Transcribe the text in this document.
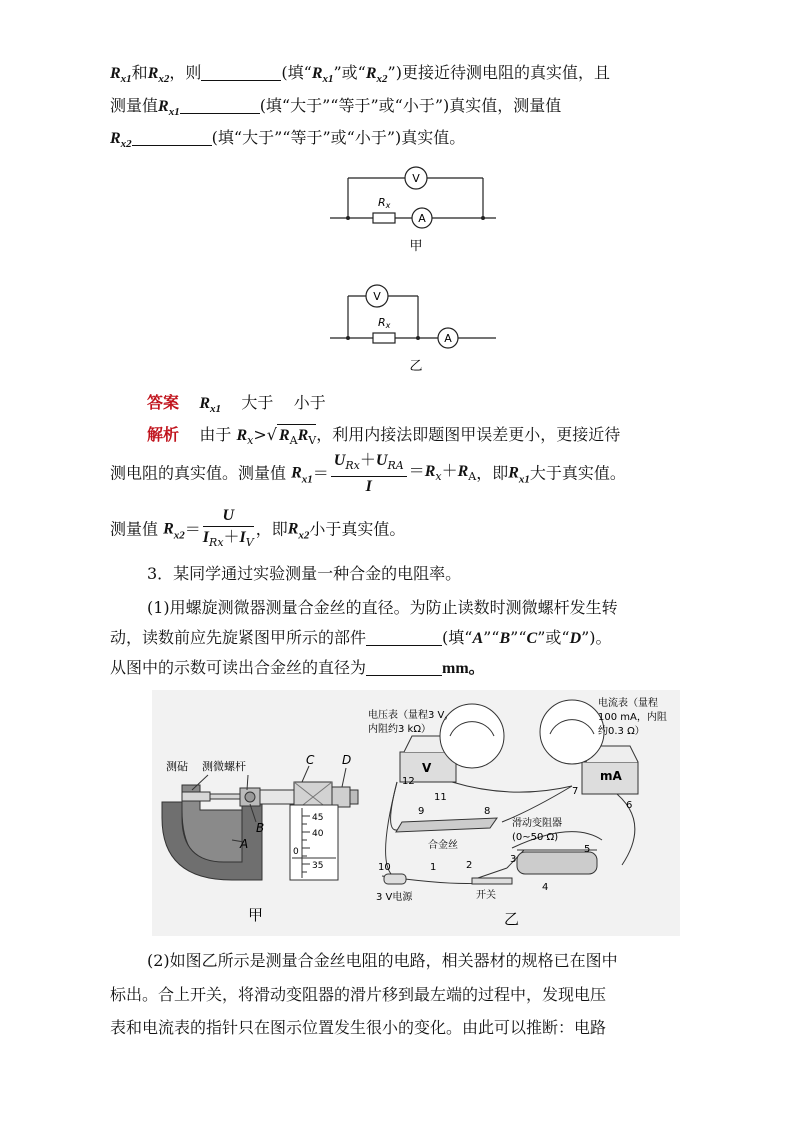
$R_{x1}$和$R_{x2}$，则	(填“$R_{x1}$”或“$R_{x2}$”)更接近待测电阻的真实值，且
测量值$R_{x1}$	(填“大于”“等于”或“小于”)真实值，测量值
$R_{x2}$	(填“大于”“等于”或“小于”)真实值。
V
A
Rx
甲
V
A
Rx
乙
答案 $R_{x1}$ 大于 小于
解析 由于 $R_x>√$ $R_AR_V$，利用内接法即题图甲误差更小，更接近待
测电阻的真实值。测量值 $R_{x1}= \frac{U_{Rx}+U_{RA}}{I} =R_x+R_A$，即$R_{x1}$大于真实值。
测量值 $R_{x2}= \frac{U}{I_{Rx}+I_V}$ ，即$R_{x2}$小于真实值。
3．某同学通过实验测量一种合金的电阻率。
(1)用螺旋测微器测量合金丝的直径。为防止读数时测微螺杆发生转
动，读数前应先旋紧图甲所示的部件	(填“A”“B”“C”或“D”)。
从图中的示数可读出合金丝的直径为	mm。
测砧 测微螺杆	C D
B
A
45
40
0
35
甲
电压表（量程3 V，
内阻约3 kΩ）
电流表（量程
100 mA，内阻
约0.3 Ω）
V
mA
合金丝
滑动变阻器
(0~50 Ω)
3 V电源	开关
1	2
3
4
5
6
7
8
9
10
11
12
乙
(2)如图乙所示是测量合金丝电阻的电路，相关器材的规格已在图中
标出。合上开关，将滑动变阻器的滑片移到最左端的过程中，发现电压
表和电流表的指针只在图示位置发生很小的变化。由此可以推断：电路
